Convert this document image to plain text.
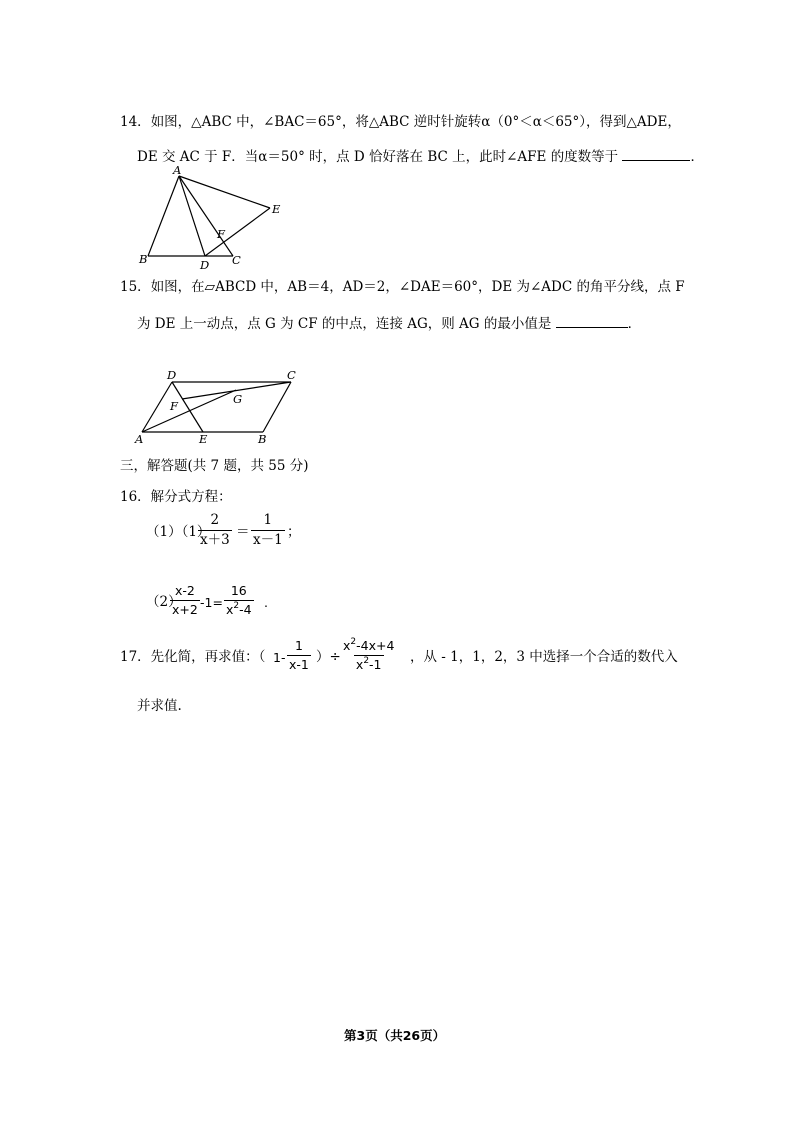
14．如图，△ABC 中，∠BAC＝65°，将△ABC 逆时针旋转α（0°＜α＜65°），得到△ADE，
DE 交 AC 于 F．当α＝50° 时，点 D 恰好落在 BC 上，此时∠AFE 的度数等于	．
A
B	C
D
E
F
15．如图，在▱ABCD 中，AB＝4，AD＝2，∠DAE＝60°，DE 为∠ADC 的角平分线，点 F
为 DE 上一动点，点 G 为 CF 的中点，连接 AG，则 AG 的最小值是	．
A	B
C
D
E
F	G
三，解答题(共 7 题，共 55 分)
16．解分式方程：
（1）（1）
$\frac{2}{x+3} = \frac{1}{x-1}$ ；
（2）
$\frac{x-2}{x+2} -1= \frac{16}{x^2-4}$ .
17．先化简，再求值：（ $1- \frac{1}{x-1}$ ）÷ $\frac{x^2-4x+4}{x^2-1}$ ，从 - 1，1，2，3 中选择一个合适的数代入
并求值.
第3页（共26页）
